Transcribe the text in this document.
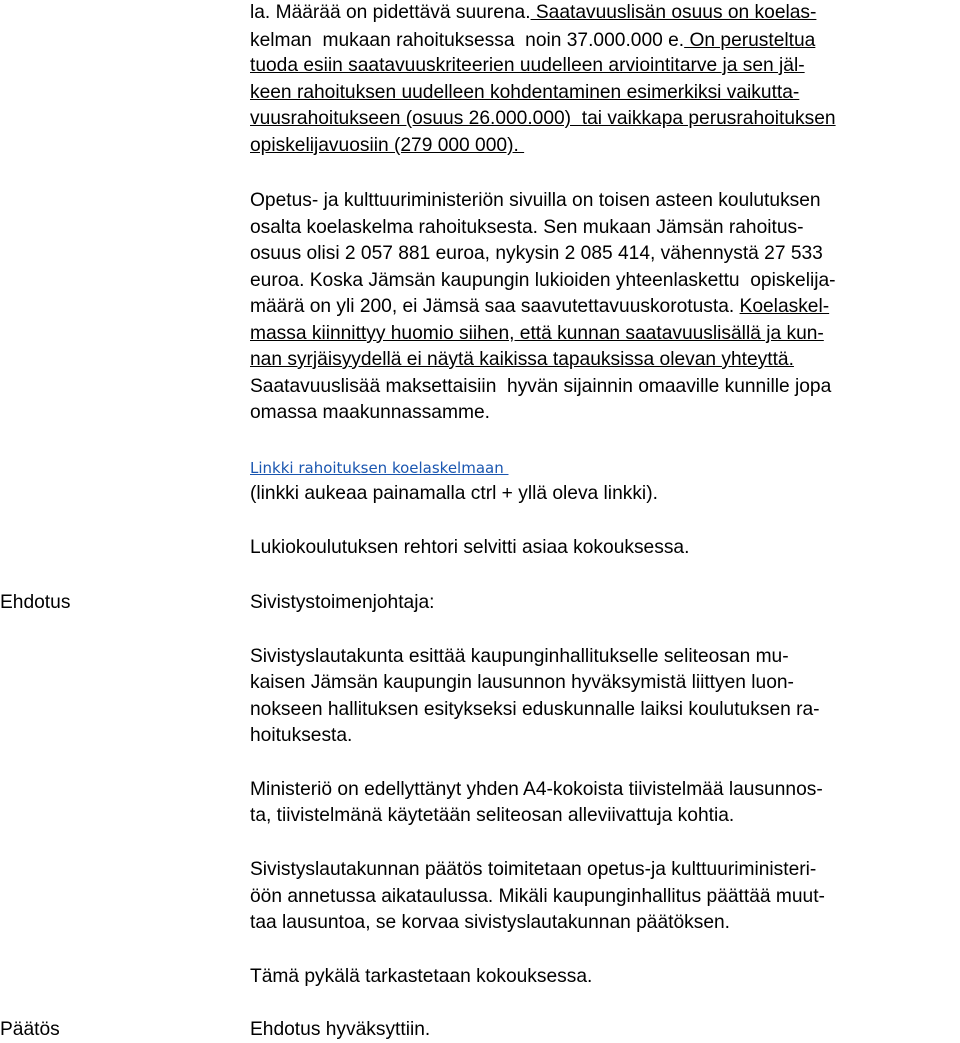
la. Määrää on pidettävä suurena. Saatavuuslisän osuus on koelas-
kelman  mukaan rahoituksessa  noin 37.000.000 e. On perusteltua
tuoda esiin saatavuuskriteerien uudelleen arviointitarve ja sen jäl-
keen rahoituksen uudelleen kohdentaminen esimerkiksi vaikutta-
vuusrahoitukseen (osuus 26.000.000)  tai vaikkapa perusrahoituksen
opiskelijavuosiin (279 000 000).
Opetus- ja kulttuuriministeriön sivuilla on toisen asteen koulutuksen
osalta koelaskelma rahoituksesta. Sen mukaan Jämsän rahoitus-
osuus olisi 2 057 881 euroa, nykysin 2 085 414, vähennystä 27 533
euroa. Koska Jämsän kaupungin lukioiden yhteenlaskettu  opiskelija-
määrä on yli 200, ei Jämsä saa saavutettavuuskorotusta. Koelaskel-
massa kiinnittyy huomio siihen, että kunnan saatavuuslisällä ja kun-
nan syrjäisyydellä ei näytä kaikissa tapauksissa olevan yhteyttä.
Saatavuuslisää maksettaisiin  hyvän sijainnin omaaville kunnille jopa
omassa maakunnassamme.
Linkki rahoituksen koelaskelmaan
(linkki aukeaa painamalla ctrl + yllä oleva linkki).
Lukiokoulutuksen rehtori selvitti asiaa kokouksessa.
Ehdotus	Sivistystoimenjohtaja:
Sivistyslautakunta esittää kaupunginhallitukselle seliteosan mu-
kaisen Jämsän kaupungin lausunnon hyväksymistä liittyen luon-
nokseen hallituksen esitykseksi eduskunnalle laiksi koulutuksen ra-
hoituksesta.
Ministeriö on edellyttänyt yhden A4-kokoista tiivistelmää lausunnos-
ta, tiivistelmänä käytetään seliteosan alleviivattuja kohtia.
Sivistyslautakunnan päätös toimitetaan opetus-ja kulttuuriministeri-
öön annetussa aikataulussa. Mikäli kaupunginhallitus päättää muut-
taa lausuntoa, se korvaa sivistyslautakunnan päätöksen.
Tämä pykälä tarkastetaan kokouksessa.
Päätös	Ehdotus hyväksyttiin.
